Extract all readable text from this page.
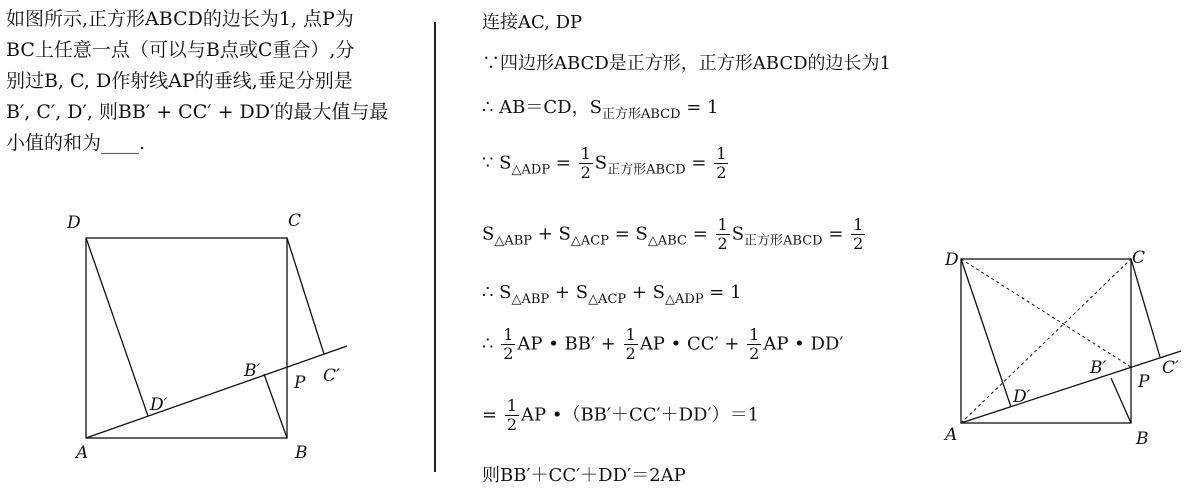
如图所示,正方形ABCD的边长为1, 点P为
BC上任意一点（可以与B点或C重合）,分
别过B, C, D作射线AP的垂线,垂足分别是
B′, C′, D′, 则BB′ + CC′ + DD′的最大值与最
小值的和为____.
D	C
A	B
P
B′	C′
D′
连接AC, DP
∵四边形ABCD是正方形，正方形ABCD的边长为1
∴ AB＝CD，$S_{正方形ABCD} = 1$
∵ $S_{\triangle ADP} = \frac{1}{2} S_{正方形ABCD} = \frac{1}{2}$
$S_{\triangle ABP} + S_{\triangle ACP} = S_{\triangle ABC} = \frac{1}{2} S_{正方形ABCD} = \frac{1}{2}$
∴ $S_{\triangle ABP} + S_{\triangle ACP} + S_{\triangle ADP} = 1$
∴ $\frac{1}{2}$ AP • $BB' + \frac{1}{2}$ AP • $CC' + \frac{1}{2}$ AP • DD′
= $\frac{1}{2}$ AP •（BB′＋CC′＋DD′）＝1
则BB′＋CC′＋DD′＝2AP
D	C
A	B
P
B′	C′
D′
